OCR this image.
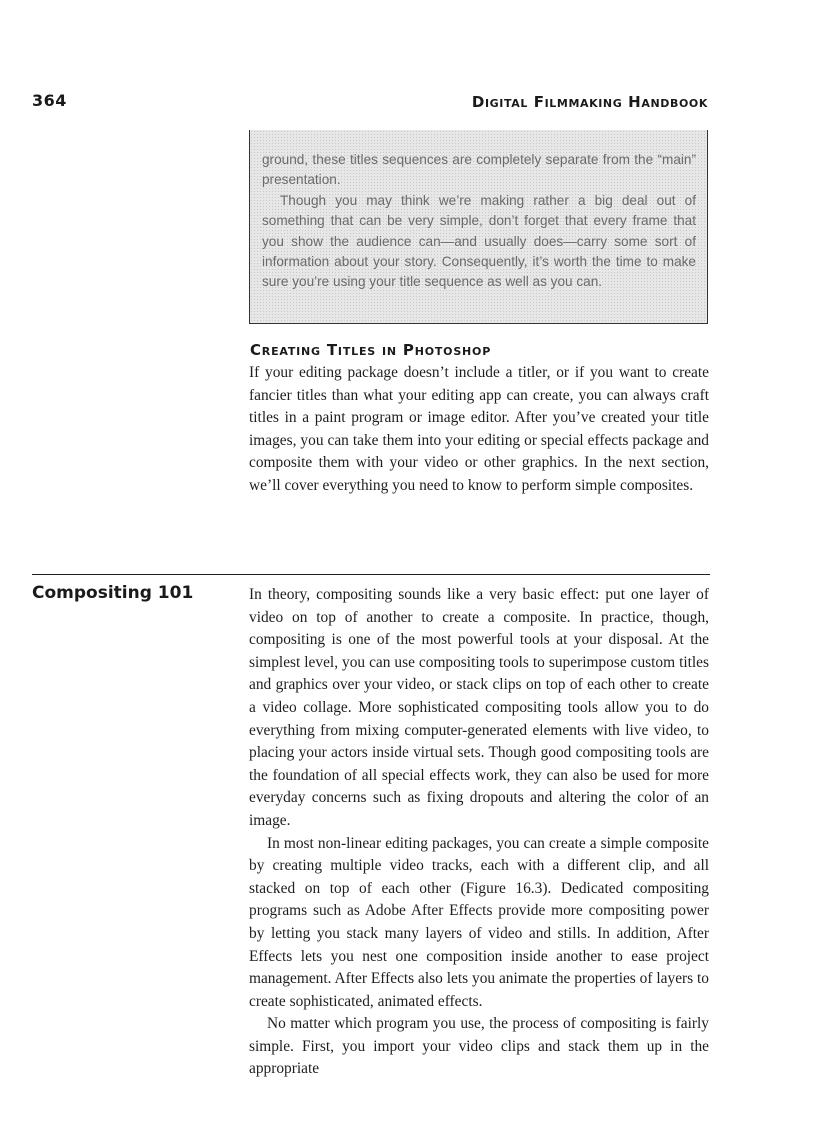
364	Digital Filmmaking Handbook

ground, these titles sequences are completely separate from the “main” presentation.

Though you may think we’re making rather a big deal out of something that can be very simple, don’t forget that every frame that you show the audience can—and usually does—carry some sort of information about your story. Consequently, it’s worth the time to make sure you’re using your title sequence as well as you can.

Creating Titles in Photoshop

If your editing package doesn’t include a titler, or if you want to create fancier titles than what your editing app can create, you can always craft titles in a paint program or image editor. After you’ve created your title images, you can take them into your editing or special effects package and composite them with your video or other graphics. In the next section, we’ll cover everything you need to know to perform simple composites.

Compositing 101	In theory, compositing sounds like a very basic effect: put one layer of video on top of another to create a composite. In practice, though, compositing is one of the most powerful tools at your disposal. At the simplest level, you can use compositing tools to superimpose custom titles and graphics over your video, or stack clips on top of each other to create a video collage. More sophisticated compositing tools allow you to do everything from mixing computer-generated elements with live video, to placing your actors inside virtual sets. Though good compositing tools are the foundation of all special effects work, they can also be used for more everyday concerns such as fixing dropouts and altering the color of an image.

In most non-linear editing packages, you can create a simple composite by creating multiple video tracks, each with a different clip, and all stacked on top of each other (Figure 16.3). Dedicated compositing programs such as Adobe After Effects provide more compositing power by letting you stack many layers of video and stills. In addition, After Effects lets you nest one composition inside another to ease project management. After Effects also lets you animate the properties of layers to create sophisticated, animated effects.

No matter which program you use, the process of compositing is fairly simple. First, you import your video clips and stack them up in the appropriate
